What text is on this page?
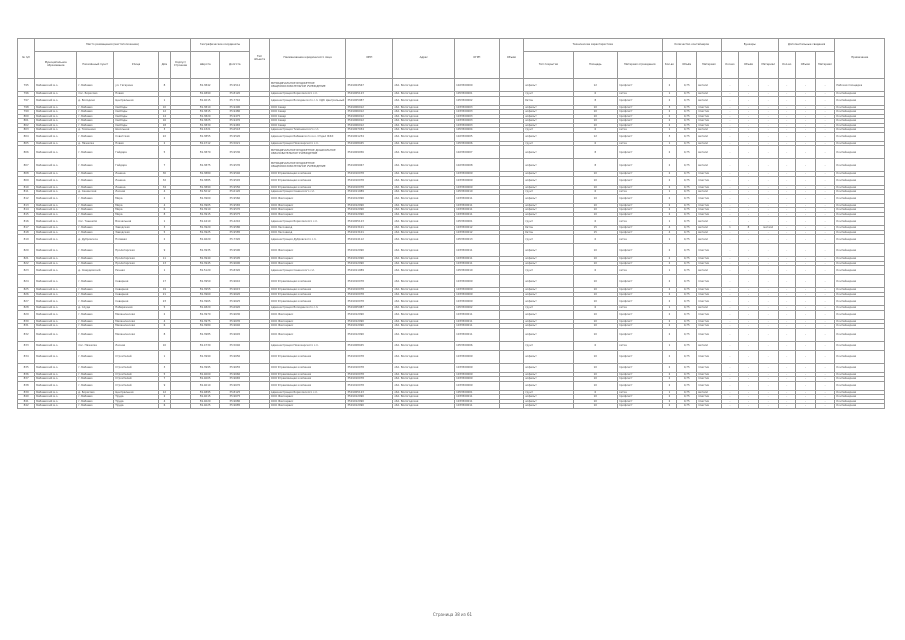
№ п/п	Место размещения (местоположение)					Географические координаты		Тип объекта	Наименование юридического лица	ИНН	Адрес	ОГРН	Объём	Технические характеристики			Количество контейнеров			Бункеры			Дополнительные сведения			Примечание
	Муниципальное образование	Населённый пункт	Улица	Дом	Корпус/Строение	Широта	Долгота							Тип покрытия	Площадь	Материал ограждения	Кол-во	Объём	Материал	Кол-во	Объём	Материал	Кол-во	Объём	Материал	
795	Бабаевский м.о.	г. Бабаево	ул. Гагарина	8		59.3842	35.9512		МУНИЦИПАЛЬНОЕ БЮДЖЕТНОЕ ОБЩЕОБРАЗОВАТЕЛЬНОЕ УЧРЕЖДЕНИЕ	3501004567	обл. Вологодская	1023500000		асфальт	12	профлист	2	0,75	металл	-	-	-	-	-	-	Рабочая площадка
796	Бабаевский м.о.	пос. Борисово	Новая			59.4890	35.8120		Администрация Борисовского с.п.	3501005123	обл. Вологодская	1053500001		грунт	6	сетка	1	0,75	металл	-	-	-	-	-	-	Контейнерная
797	Бабаевский м.о.	д. Володино	Центральная	1		59.4015	35.7710		Администрация Володинского с.п. СДК Центральный	3501005987	обл. Вологодская	1053500002		бетон	8	профлист	2	0,75	металл	-	-	-	-	-	-	Контейнерная
798	Бабаевский м.о.	г. Бабаево	Свободы	10		59.3810	35.9490		ООО Север	3501006012	обл. Вологодская	1033500003		асфальт	10	профлист	3	0,75	пластик	-	-	-	-	-	-	Контейнерная
799	Бабаевский м.о.	г. Бабаево	Свободы	12		59.3815	35.9480		ООО Север	3501006012	обл. Вологодская	1033500003		асфальт	10	профлист	2	0,75	пластик	-	-	-	-	-	-	Контейнерная
800	Бабаевский м.о.	г. Бабаево	Свободы	14		59.3820	35.9475		ООО Север	3501006012	обл. Вологодская	1033500003		асфальт	10	профлист	2	0,75	пластик	-	-	-	-	-	-	Контейнерная
801	Бабаевский м.о.	г. Бабаево	Свободы	16		59.3825	35.9470		ООО Север	3501006012	обл. Вологодская	1033500003		асфальт	10	профлист	2	0,75	пластик	-	-	-	-	-	-	Контейнерная
802	Бабаевский м.о.	г. Бабаево	Свободы	18		59.3830	35.9465		ООО Север	3501006012	обл. Вологодская	1033500003		асфальт	10	профлист	2	0,75	пластик	-	-	-	-	-	-	Контейнерная
803	Бабаевский м.о.	д. Тимошино	Школьная	3		59.4321	35.6543		Администрация Тимошинского с.п.	3501007034	обл. Вологодская	1053500004		грунт	6	сетка	1	0,75	металл	-	-	-	-	-	-	Контейнерная
804	Бабаевский м.о.	г. Бабаево	Советская	22		59.3855	35.9520		Администрация Бабаевского м.о. Отдел ЖКХ	3501001234	обл. Вологодская	1023500005		асфальт	12	профлист	3	0,75	металл	-	-	-	-	-	-	Контейнерная
805	Бабаевский м.о.	д. Пяжелка	Новая	2		59.4712	35.5021		Администрация Пяжозерского с.п.	3501008045	обл. Вологодская	1053500006		грунт	6	сетка	1	0,75	металл	-	-	-	-	-	-	Контейнерная
806	Бабаевский м.о.	г. Бабаево	Гайдара	5		59.3870	35.9530		МУНИЦИПАЛЬНОЕ БЮДЖЕТНОЕ ДОШКОЛЬНОЕ ОБРАЗОВАТЕЛЬНОЕ УЧРЕЖДЕНИЕ	3501009056	обл. Вологодская	1023500007		асфальт	8	профлист	2	0,75	металл	-	-	-	-	-	-	Контейнерная
807	Бабаевский м.о.	г. Бабаево	Гайдара	7		59.3875	35.9535		МУНИЦИПАЛЬНОЕ БЮДЖЕТНОЕ ОБЩЕОБРАЗОВАТЕЛЬНОЕ УЧРЕЖДЕНИЕ	3501009067	обл. Вологодская	1023500008		асфальт	8	профлист	2	0,75	металл	-	-	-	-	-	-	Контейнерная
808	Бабаевский м.о.	г. Бабаево	Ленина	30		59.3880	35.9540		ООО Управляющая компания	3501010078	обл. Вологодская	1033500009		асфальт	10	профлист	2	0,75	пластик	-	-	-	-	-	-	Контейнерная
809	Бабаевский м.о.	г. Бабаево	Ленина	32		59.3885	35.9545		ООО Управляющая компания	3501010078	обл. Вологодская	1033500009		асфальт	10	профлист	2	0,75	пластик	-	-	-	-	-	-	Контейнерная
810	Бабаевский м.о.	г. Бабаево	Ленина	34		59.3890	35.9550		ООО Управляющая компания	3501010078	обл. Вологодская	1033500009		асфальт	10	профлист	2	0,75	пластик	-	-	-	-	-	-	Контейнерная
811	Бабаевский м.о.	д. Санинская	Лесная	4		59.5012	35.6120		Администрация Санинского с.п.	3501011089	обл. Вологодская	1053500010		грунт	6	сетка	1	0,75	металл	-	-	-	-	-	-	Контейнерная
812	Бабаевский м.о.	г. Бабаево	Мира	2		59.3900	35.9560		ООО Жилсервис	3501012090	обл. Вологодская	1033500011		асфальт	10	профлист	2	0,75	пластик	-	-	-	-	-	-	Контейнерная
813	Бабаевский м.о.	г. Бабаево	Мира	4		59.3905	35.9565		ООО Жилсервис	3501012090	обл. Вологодская	1033500011		асфальт	10	профлист	2	0,75	пластик	-	-	-	-	-	-	Контейнерная
814	Бабаевский м.о.	г. Бабаево	Мира	6		59.3910	35.9570		ООО Жилсервис	3501012090	обл. Вологодская	1033500011		асфальт	10	профлист	2	0,75	пластик	-	-	-	-	-	-	Контейнерная
815	Бабаевский м.о.	г. Бабаево	Мира	8		59.3915	35.9575		ООО Жилсервис	3501012090	обл. Вологодская	1033500011		асфальт	10	профлист	2	0,75	пластик	-	-	-	-	-	-	Контейнерная
816	Бабаевский м.о.	пос. Тешемля	Вокзальная	1		59.4410	35.4210		Администрация Борисовского с.п.	3501005123	обл. Вологодская	1053500001		грунт	6	сетка	1	0,75	металл	-	-	-	-	-	-	Контейнерная
817	Бабаевский м.о.	г. Бабаево	Заводская	3		59.3920	35.9580		ООО Лесозавод	3501013101	обл. Вологодская	1033500012		бетон	15	профлист	4	0,75	металл	1	8	металл	-	-	-	Контейнерная
818	Бабаевский м.о.	г. Бабаево	Заводская	5		59.3925	35.9585		ООО Лесозавод	3501013101	обл. Вологодская	1033500012		бетон	15	профлист	4	0,75	металл	-	-	-	-	-	-	Контейнерная
819	Бабаевский м.о.	д. Дубровское	Полевая	2		59.4620	35.7320		Администрация Дубровского с.п.	3501014112	обл. Вологодская	1053500013		грунт	6	сетка	1	0,75	металл	-	-	-	-	-	-	Контейнерная
820	Бабаевский м.о.	г. Бабаево	Пролетарская	9		59.3935	35.9590		ООО Жилсервис	3501012090	обл. Вологодская	1033500011		асфальт	10	профлист	2	0,75	пластик	-	-	-	-	-	-	Контейнерная
821	Бабаевский м.о.	г. Бабаево	Пролетарская	11		59.3940	35.9595		ООО Жилсервис	3501012090	обл. Вологодская	1033500011		асфальт	10	профлист	2	0,75	пластик	-	-	-	-	-	-	Контейнерная
822	Бабаевский м.о.	г. Бабаево	Пролетарская	13		59.3945	35.9600		ООО Жилсервис	3501012090	обл. Вологодская	1033500011		асфальт	10	профлист	2	0,75	пластик	-	-	-	-	-	-	Контейнерная
823	Бабаевский м.о.	д. Смердомский	Речная	1		59.5120	35.8320		Администрация Санинского с.п.	3501011089	обл. Вологодская	1053500010		грунт	6	сетка	1	0,75	металл	-	-	-	-	-	-	Контейнерная
824	Бабаевский м.о.	г. Бабаево	Северная	17		59.3950	35.9610		ООО Управляющая компания	3501010078	обл. Вологодская	1033500009		асфальт	10	профлист	2	0,75	пластик	-	-	-	-	-	-	Контейнерная
825	Бабаевский м.о.	г. Бабаево	Северная	19		59.3955	35.9615		ООО Управляющая компания	3501010078	обл. Вологодская	1033500009		асфальт	10	профлист	2	0,75	пластик	-	-	-	-	-	-	Контейнерная
826	Бабаевский м.о.	г. Бабаево	Северная	21		59.3960	35.9620		ООО Управляющая компания	3501010078	обл. Вологодская	1033500009		асфальт	10	профлист	2	0,75	пластик	-	-	-	-	-	-	Контейнерная
827	Бабаевский м.о.	г. Бабаево	Северная	23		59.3965	35.9625		ООО Управляющая компания	3501010078	обл. Вологодская	1033500009		асфальт	10	профлист	2	0,75	пластик	-	-	-	-	-	-	Контейнерная
828	Бабаевский м.о.	д. Слуда	Набережная	5		59.4820	35.6920		Администрация Володинского с.п.	3501005987	обл. Вологодская	1053500002		грунт	6	сетка	1	0,75	металл	-	-	-	-	-	-	Контейнерная
829	Бабаевский м.о.	г. Бабаево	Механическая	2		59.3970	35.9630		ООО Жилсервис	3501012090	обл. Вологодская	1033500011		асфальт	10	профлист	2	0,75	пластик	-	-	-	-	-	-	Контейнерная
830	Бабаевский м.о.	г. Бабаево	Механическая	4		59.3975	35.9635		ООО Жилсервис	3501012090	обл. Вологодская	1033500011		асфальт	10	профлист	2	0,75	пластик	-	-	-	-	-	-	Контейнерная
831	Бабаевский м.о.	г. Бабаево	Механическая	6		59.3980	35.9640		ООО Жилсервис	3501012090	обл. Вологодская	1033500011		асфальт	10	профлист	2	0,75	пластик	-	-	-	-	-	-	Контейнерная
832	Бабаевский м.о.	г. Бабаево	Механическая	8		59.3985	35.9645		ООО Жилсервис	3501012090	обл. Вологодская	1033500011		асфальт	10	профлист	2	0,75	пластик	-	-	-	-	-	-	Контейнерная
833	Бабаевский м.о.	пос. Пяжелка	Лесная	10		59.4730	35.5040		Администрация Пяжозерского с.п.	3501008045	обл. Вологодская	1053500006		грунт	6	сетка	1	0,75	металл	-	-	-	-	-	-	Контейнерная
834	Бабаевский м.о.	г. Бабаево	Строителей	1		59.3990	35.9650		ООО Управляющая компания	3501010078	обл. Вологодская	1033500009		асфальт	10	профлист	2	0,75	пластик	-	-	-	-	-	-	Контейнерная
835	Бабаевский м.о.	г. Бабаево	Строителей	3		59.3995	35.9655		ООО Управляющая компания	3501010078	обл. Вологодская	1033500009		асфальт	10	профлист	2	0,75	пластик	-	-	-	-	-	-	Контейнерная
836	Бабаевский м.о.	г. Бабаево	Строителей	5		59.4000	35.9660		ООО Управляющая компания	3501010078	обл. Вологодская	1033500009		асфальт	10	профлист	2	0,75	пластик	-	-	-	-	-	-	Контейнерная
837	Бабаевский м.о.	г. Бабаево	Строителей	7		59.4005	35.9665		ООО Управляющая компания	3501010078	обл. Вологодская	1033500009		асфальт	10	профлист	2	0,75	пластик	-	-	-	-	-	-	Контейнерная
838	Бабаевский м.о.	г. Бабаево	Строителей	9		59.4010	35.9670		ООО Управляющая компания	3501010078	обл. Вологодская	1033500009		асфальт	10	профлист	2	0,75	пластик	-	-	-	-	-	-	Контейнерная
839	Бабаевский м.о.	д. Борисово	Центральная	12		59.4895	35.8125		Администрация Борисовского с.п.	3501005123	обл. Вологодская	1053500001		грунт	6	сетка	1	0,75	металл	-	-	-	-	-	-	Контейнерная
840	Бабаевский м.о.	г. Бабаево	Труда	2		59.4015	35.9675		ООО Жилсервис	3501012090	обл. Вологодская	1033500011		асфальт	10	профлист	2	0,75	пластик	-	-	-	-	-	-	Контейнерная
841	Бабаевский м.о.	г. Бабаево	Труда	4		59.4020	35.9680		ООО Жилсервис	3501012090	обл. Вологодская	1033500011		асфальт	10	профлист	2	0,75	пластик	-	-	-	-	-	-	Контейнерная
842	Бабаевский м.о.	г. Бабаево	Труда	6		59.4025	35.9685		ООО Жилсервис	3501012090	обл. Вологодская	1033500011		асфальт	10	профлист	2	0,75	пластик	-	-	-	-	-	-	Контейнерная
Страница 38 из 61
